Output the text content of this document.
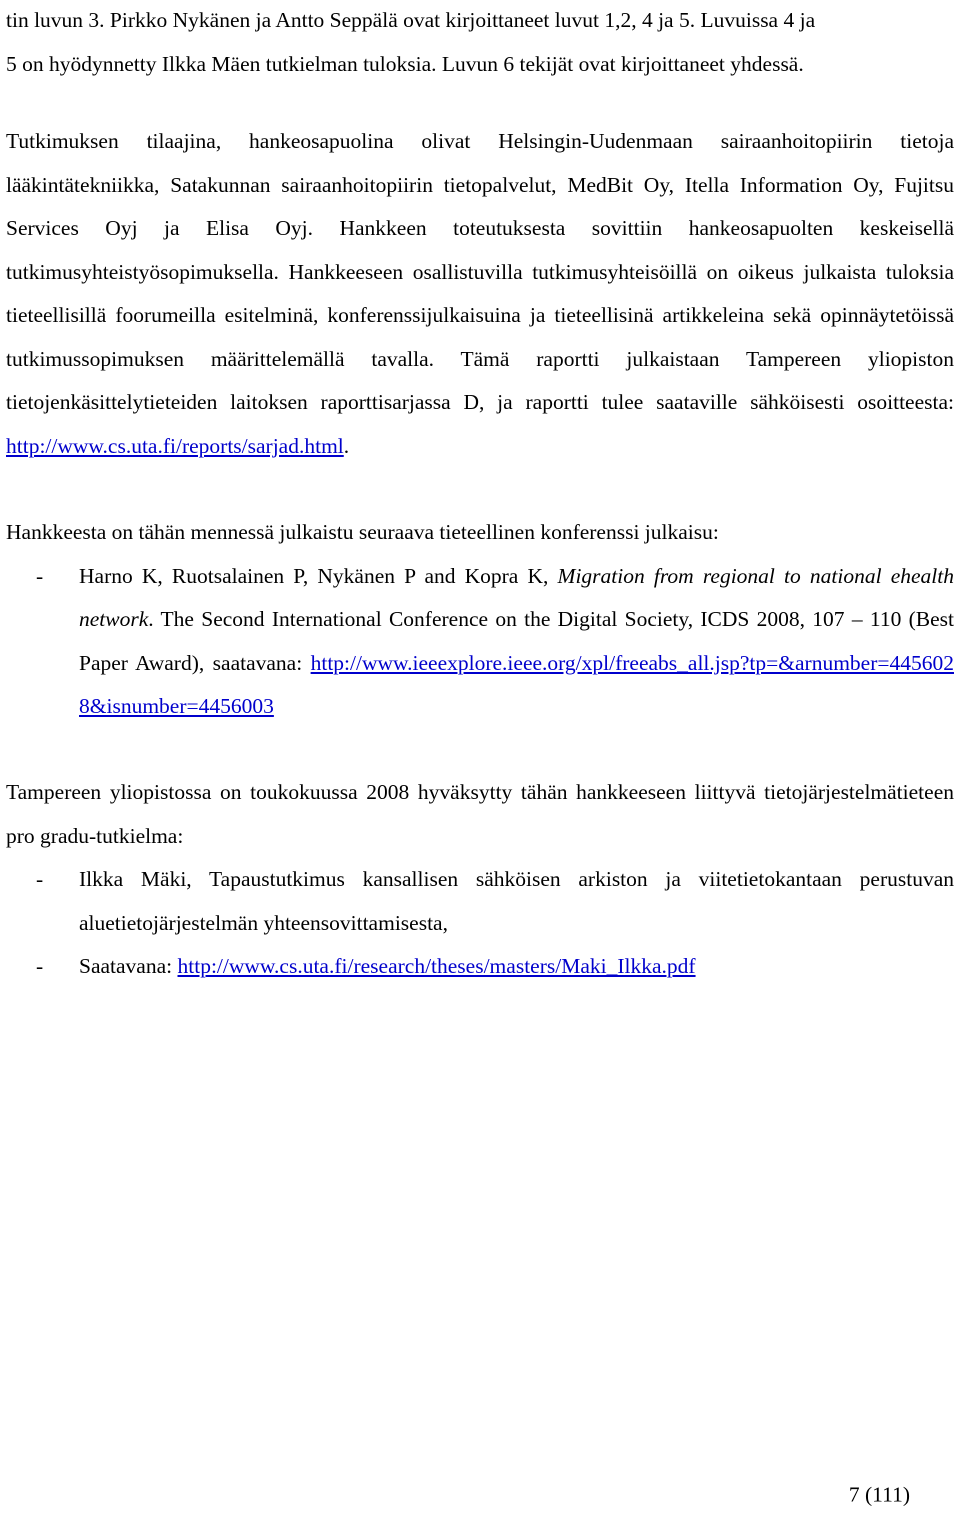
tin luvun 3. Pirkko Nykänen ja Antto Seppälä ovat kirjoittaneet luvut 1,2, 4 ja 5. Luvuissa 4 ja

5 on hyödynnetty Ilkka Mäen tutkielman tuloksia. Luvun 6 tekijät ovat kirjoittaneet yhdessä.

Tutkimuksen tilaajina, hankeosapuolina olivat Helsingin-Uudenmaan sairaanhoitopiirin tietoja lääkintätekniikka, Satakunnan sairaanhoitopiirin tietopalvelut, MedBit Oy, Itella Information Oy, Fujitsu Services Oyj ja Elisa Oyj. Hankkeen toteutuksesta sovittiin hankeosapuolten keskeisellä tutkimusyhteistyösopimuksella. Hankkeeseen osallistuvilla tutkimusyhteisöillä on oikeus julkaista tuloksia tieteellisillä foorumeilla esitelminä, konferenssijulkaisuina ja tieteellisinä artikkeleina sekä opinnäytetöissä tutkimussopimuksen määrittelemällä tavalla. Tämä raportti julkaistaan Tampereen yliopiston tietojenkäsittelytieteiden laitoksen raporttisarjassa D, ja raportti tulee saataville sähköisesti osoitteesta: http://www.cs.uta.fi/reports/sarjad.html.

Hankkeesta on tähän mennessä julkaistu seuraava tieteellinen konferenssi julkaisu:

- Harno K, Ruotsalainen P, Nykänen P and Kopra K, Migration from regional to national ehealth network. The Second International Conference on the Digital Society, ICDS 2008, 107 – 110 (Best Paper Award), saatavana: http://www.ieeexplore.ieee.org/xpl/freeabs_all.jsp?tp=&arnumber=4456028&isnumber=4456003

Tampereen yliopistossa on toukokuussa 2008 hyväksytty tähän hankkeeseen liittyvä tietojärjestelmätieteen pro gradu-tutkielma:

- Ilkka Mäki, Tapaustutkimus kansallisen sähköisen arkiston ja viitetietokantaan perustuvan aluetietojärjestelmän yhteensovittamisesta,
- Saatavana: http://www.cs.uta.fi/research/theses/masters/Maki_Ilkka.pdf
7 (111)
